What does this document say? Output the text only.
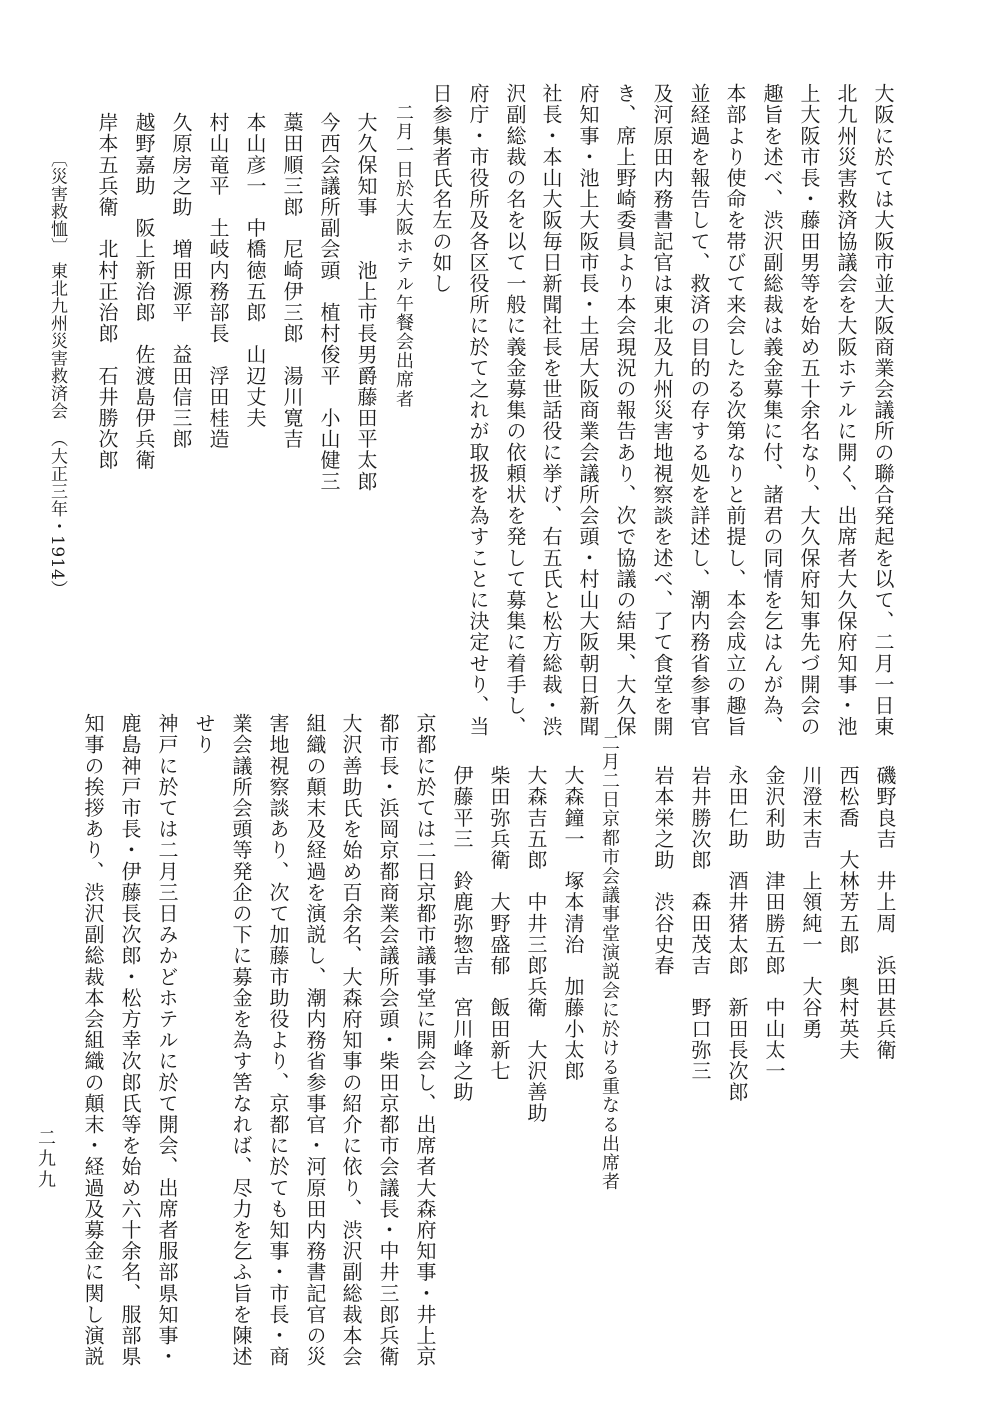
大阪に於ては大阪市並大阪商業会議所の聯合発起を以て、二月一日東
北九州災害救済協議会を大阪ホテルに開く、出席者大久保府知事・池
上大阪市長・藤田男等を始め五十余名なり、大久保府知事先づ開会の
趣旨を述べ、渋沢副総裁は義金募集に付、諸君の同情を乞はんが為、
本部より使命を帯びて来会したる次第なりと前提し、本会成立の趣旨
並経過を報告して、救済の目的の存する処を詳述し、潮内務省参事官
及河原田内務書記官は東北及九州災害地視察談を述べ、了て食堂を開
き、席上野崎委員より本会現況の報告あり、次で協議の結果、大久保
府知事・池上大阪市長・土居大阪商業会議所会頭・村山大阪朝日新聞
社長・本山大阪毎日新聞社長を世話役に挙げ、右五氏と松方総裁・渋
沢副総裁の名を以て一般に義金募集の依頼状を発して募集に着手し、
府庁・市役所及各区役所に於て之れが取扱を為すことに決定せり、当
日参集者氏名左の如し
二月一日於大阪ホテル午餐会出席者
大久保知事　　池上市長男爵藤田平太郎
今西会議所副会頭　植村俊平　小山健三
藁田順三郎　尼崎伊三郎　湯川寛吉
本山彦一　中橋徳五郎　山辺丈夫
村山竜平　土岐内務部長　浮田桂造
久原房之助　増田源平　益田信三郎
越野嘉助　阪上新治郎　佐渡島伊兵衛
岸本五兵衛　北村正治郎　石井勝次郎
〔災害救恤〕
東北九州災害救済会
（大正三年・1914）
磯野良吉　井上周　浜田甚兵衛
西松喬　大林芳五郎　奥村英夫
川澄末吉　上領純一　大谷勇
金沢利助　津田勝五郎　中山太一
永田仁助　酒井猪太郎　新田長次郎
岩井勝次郎　森田茂吉　野口弥三
岩本栄之助　渋谷史春
二月二日京都市会議事堂演説会に於ける重なる出席者
大森鐘一　塚本清治　加藤小太郎
大森吉五郎　中井三郎兵衛　大沢善助
柴田弥兵衛　大野盛郁　飯田新七
伊藤平三　鈴鹿弥惣吉　宮川峰之助
京都に於ては二日京都市議事堂に開会し、出席者大森府知事・井上京
都市長・浜岡京都商業会議所会頭・柴田京都市会議長・中井三郎兵衛
大沢善助氏を始め百余名、大森府知事の紹介に依り、渋沢副総裁本会
組織の顛末及経過を演説し、潮内務省参事官・河原田内務書記官の災
害地視察談あり、次て加藤市助役より、京都に於ても知事・市長・商
業会議所会頭等発企の下に募金を為す筈なれば、尽力を乞ふ旨を陳述
せり
神戸に於ては二月三日みかどホテルに於て開会、出席者服部県知事・
鹿島神戸市長・伊藤長次郎・松方幸次郎氏等を始め六十余名、服部県
知事の挨拶あり、渋沢副総裁本会組織の顛末・経過及募金に関し演説
二九九
